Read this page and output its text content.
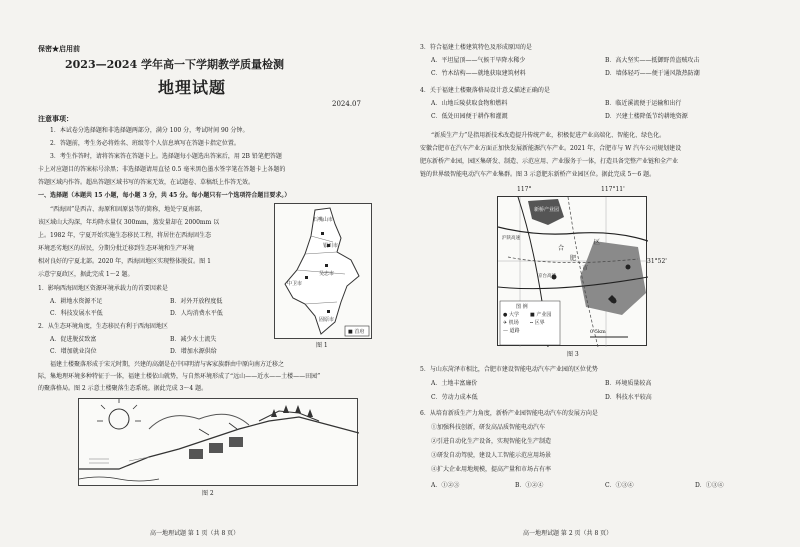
保密★启用前
2023—2024 学年高一下学期教学质量检测
地理试题
2024.07
注意事项：
1．本试卷分选择题和非选择题两部分，满分 100 分，考试时间 90 分钟。
2．答题前，考生务必将姓名、班级等个人信息填写在答题卡指定位置。
3．考生作答时，请将答案答在答题卡上。选择题每小题选出答案后，用 2B 铅笔把答题
卡上对应题目的答案标号涂黑；非选择题请用直径 0.5 毫米黑色墨水签字笔在答题卡上各题的
答题区域内作答。超出答题区域书写的答案无效，在试题卷、草稿纸上作答无效。
一、选择题（本题共 15 小题，每小题 3 分，共 45 分。每小题只有一个选项符合题目要求。）
“西海固”是西吉、海原和固原县等的简称，地处宁夏南部，
该区域山大沟深，年均降水量仅 300mm，蒸发量却在 2000mm 以
上。1982 年，宁夏开始实施生态移民工程，将居住在西海固生态
环境恶劣地区的居民，分期分批迁移到生态环境和生产环境
相对良好的宁夏北部。2020 年，西海固地区实现整体脱贫。图 1
示意宁夏政区，据此完成 1～2 题。
1．影响西海固地区资源环境承载力的首要因素是
A．耕地水资源不足	B．对外开放程度低
C．科技发展水平低	D．人均消费水平低
2．从生态环境角度，生态移民有利于西海固地区
A．促进脱贫致富	B．减少水土流失
C．增加就业岗位	D．增加水源供给
福建土楼聚落形成于宋元时期，兴建的高潮是在中国明清与客家族群由中原向南方迁移之
际，集地理环境多种特征于一体，福建土楼依山就势，与自然环境形成了“远山——近水——土楼——田园”
的聚落格局。图 2 示意土楼聚落生态系统。据此完成 3～4 题。
石嘴山市
银川市
吴忠市
中卫市
固原市
■ 首府
图 1
图 2
高一地理试题 第 1 页（共 8 页）
3．符合福建土楼建筑特色及形成原因的是
A．平坦屋顶——气候干旱降水稀少	B．高大坚实——抵御野兽盗贼攻击
C．竹木结构——就地获取建筑材料	D．墙体轻巧——便于通风散热防潮
4．关于福建土楼聚落格局设计意义描述正确的是
A．山地丘陵获取食物和燃料	B．临近溪流便于运输和出行
C．低处田园便于耕作和灌溉	D．兴建土楼降低节约耕地资源
“新质生产力”是指用新技术改造提升传统产业，积极促进产业高端化、智能化、绿色化。
安徽合肥市在汽车产业方面正加快发展新能源汽车产业。2021 年，合肥市与 W 汽车公司规划建设
肥东新桥产业园，园区集研发、制造、示范应用、产业服务于一体，打造具备完整产业链和全产业
链的世界级智能电动汽车产业集群。图 3 示意肥东新桥产业园区位。据此完成 5～6 题。
117°	117°11'
31°52'
新桥产业园
合
肥
市
区
沪陕高速
京台高速
图 例
● 大学
✈ 机场
— 道路
■ 产业园
┅ 区界
0 5km
图 3
5．与山东菏泽市相比，合肥市建设智能电动汽车产业园的区位优势
A．土地丰富廉价	B．环境质量较高
C．劳动力成本低	D．科技水平较高
6．从培育新质生产力角度，新桥产业园智能电动汽车的发展方向是
①加强科技创新，研发高品质智能电动汽车
②引进自动化生产设备，实现智能化生产制造
③研发自动驾驶，建设人工智能示范应用场景
④扩大企业用地规模，提高产量和市场占有率
A．①②③	B．①②④	C．①③④	D．①③④
高一地理试题 第 2 页（共 8 页）
